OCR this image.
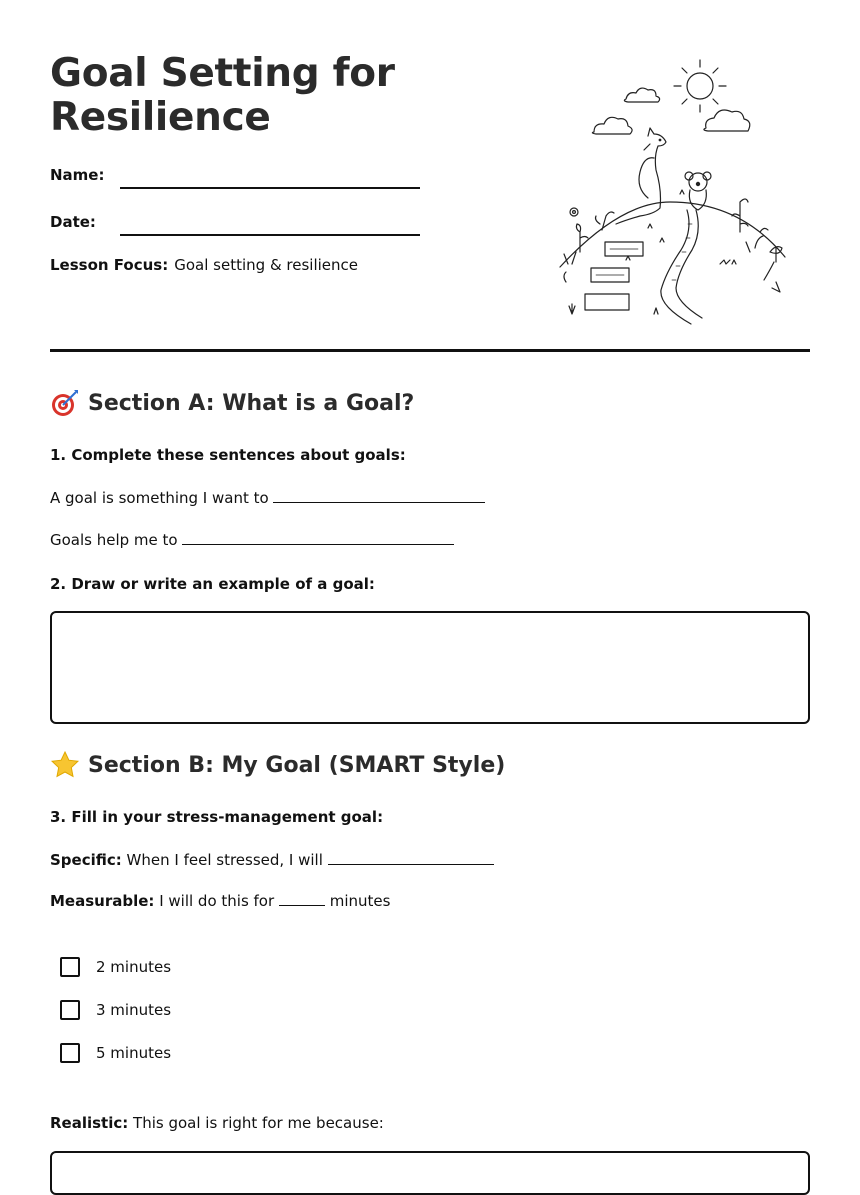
Goal Setting for
Resilience
Name:
Date:
Lesson Focus: Goal setting & resilience
Section A: What is a Goal?
1. Complete these sentences about goals:
A goal is something I want to
Goals help me to
2. Draw or write an example of a goal:
Section B: My Goal (SMART Style)
3. Fill in your stress-management goal:
Specific: When I feel stressed, I will
Measurable: I will do this for	minutes
2 minutes
3 minutes
5 minutes
Realistic: This goal is right for me because:
